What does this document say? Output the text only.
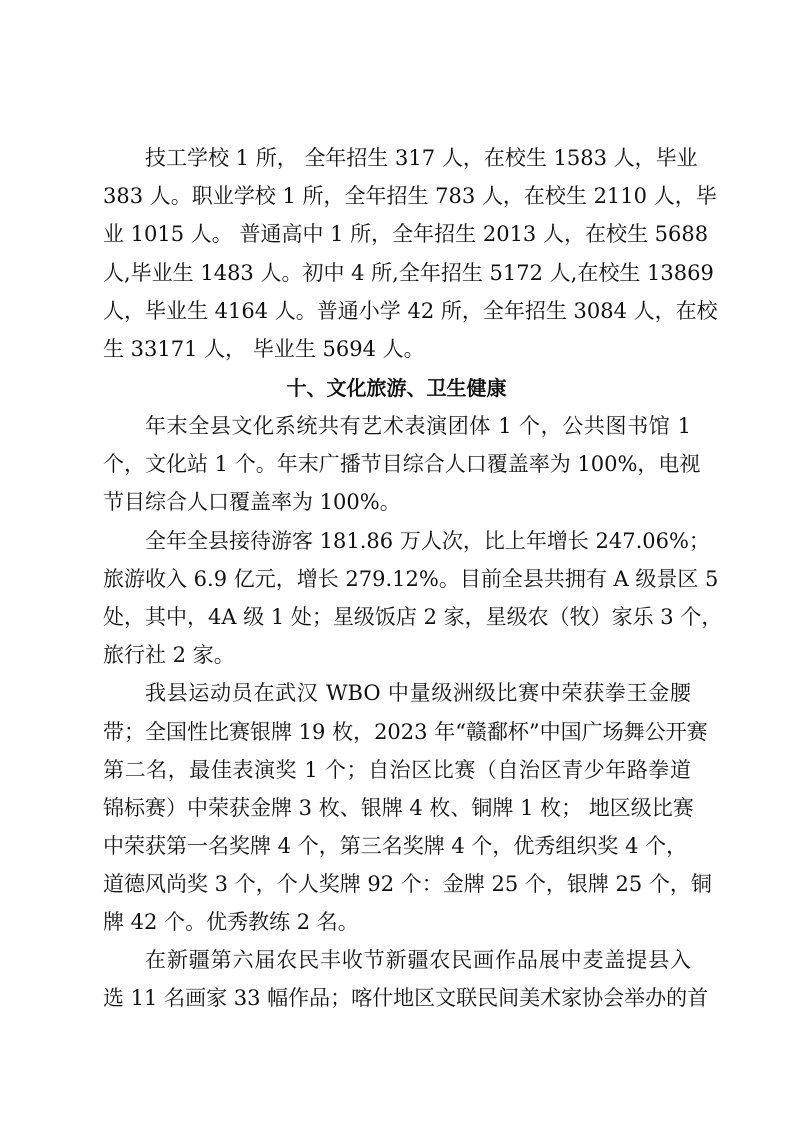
技工学校 1 所， 全年招生 317 人，在校生 1583 人，毕业
383 人。职业学校 1 所，全年招生 783 人，在校生 2110 人，毕
业 1015 人。 普通高中 1 所，全年招生 2013 人，在校生 5688
人,毕业生 1483 人。初中 4 所,全年招生 5172 人,在校生 13869
人，毕业生 4164 人。普通小学 42 所，全年招生 3084 人，在校
生 33171 人， 毕业生 5694 人。
十、文化旅游、卫生健康
年末全县文化系统共有艺术表演团体 1 个，公共图书馆 1
个，文化站 1 个。年末广播节目综合人口覆盖率为 100%，电视
节目综合人口覆盖率为 100%。
全年全县接待游客 181.86 万人次，比上年增长 247.06%；
旅游收入 6.9 亿元，增长 279.12%。目前全县共拥有 A 级景区 5
处，其中，4A 级 1 处；星级饭店 2 家，星级农（牧）家乐 3 个，
旅行社 2 家。
我县运动员在武汉 WBO 中量级洲级比赛中荣获拳王金腰
带；全国性比赛银牌 19 枚，2023 年“赣鄱杯”中国广场舞公开赛
第二名，最佳表演奖 1 个；自治区比赛（自治区青少年路拳道
锦标赛）中荣获金牌 3 枚、银牌 4 枚、铜牌 1 枚； 地区级比赛
中荣获第一名奖牌 4 个，第三名奖牌 4 个，优秀组织奖 4 个，
道德风尚奖 3 个，个人奖牌 92 个：金牌 25 个，银牌 25 个，铜
牌 42 个。优秀教练 2 名。
在新疆第六届农民丰收节新疆农民画作品展中麦盖提县入
选 11 名画家 33 幅作品；喀什地区文联民间美术家协会举办的首
